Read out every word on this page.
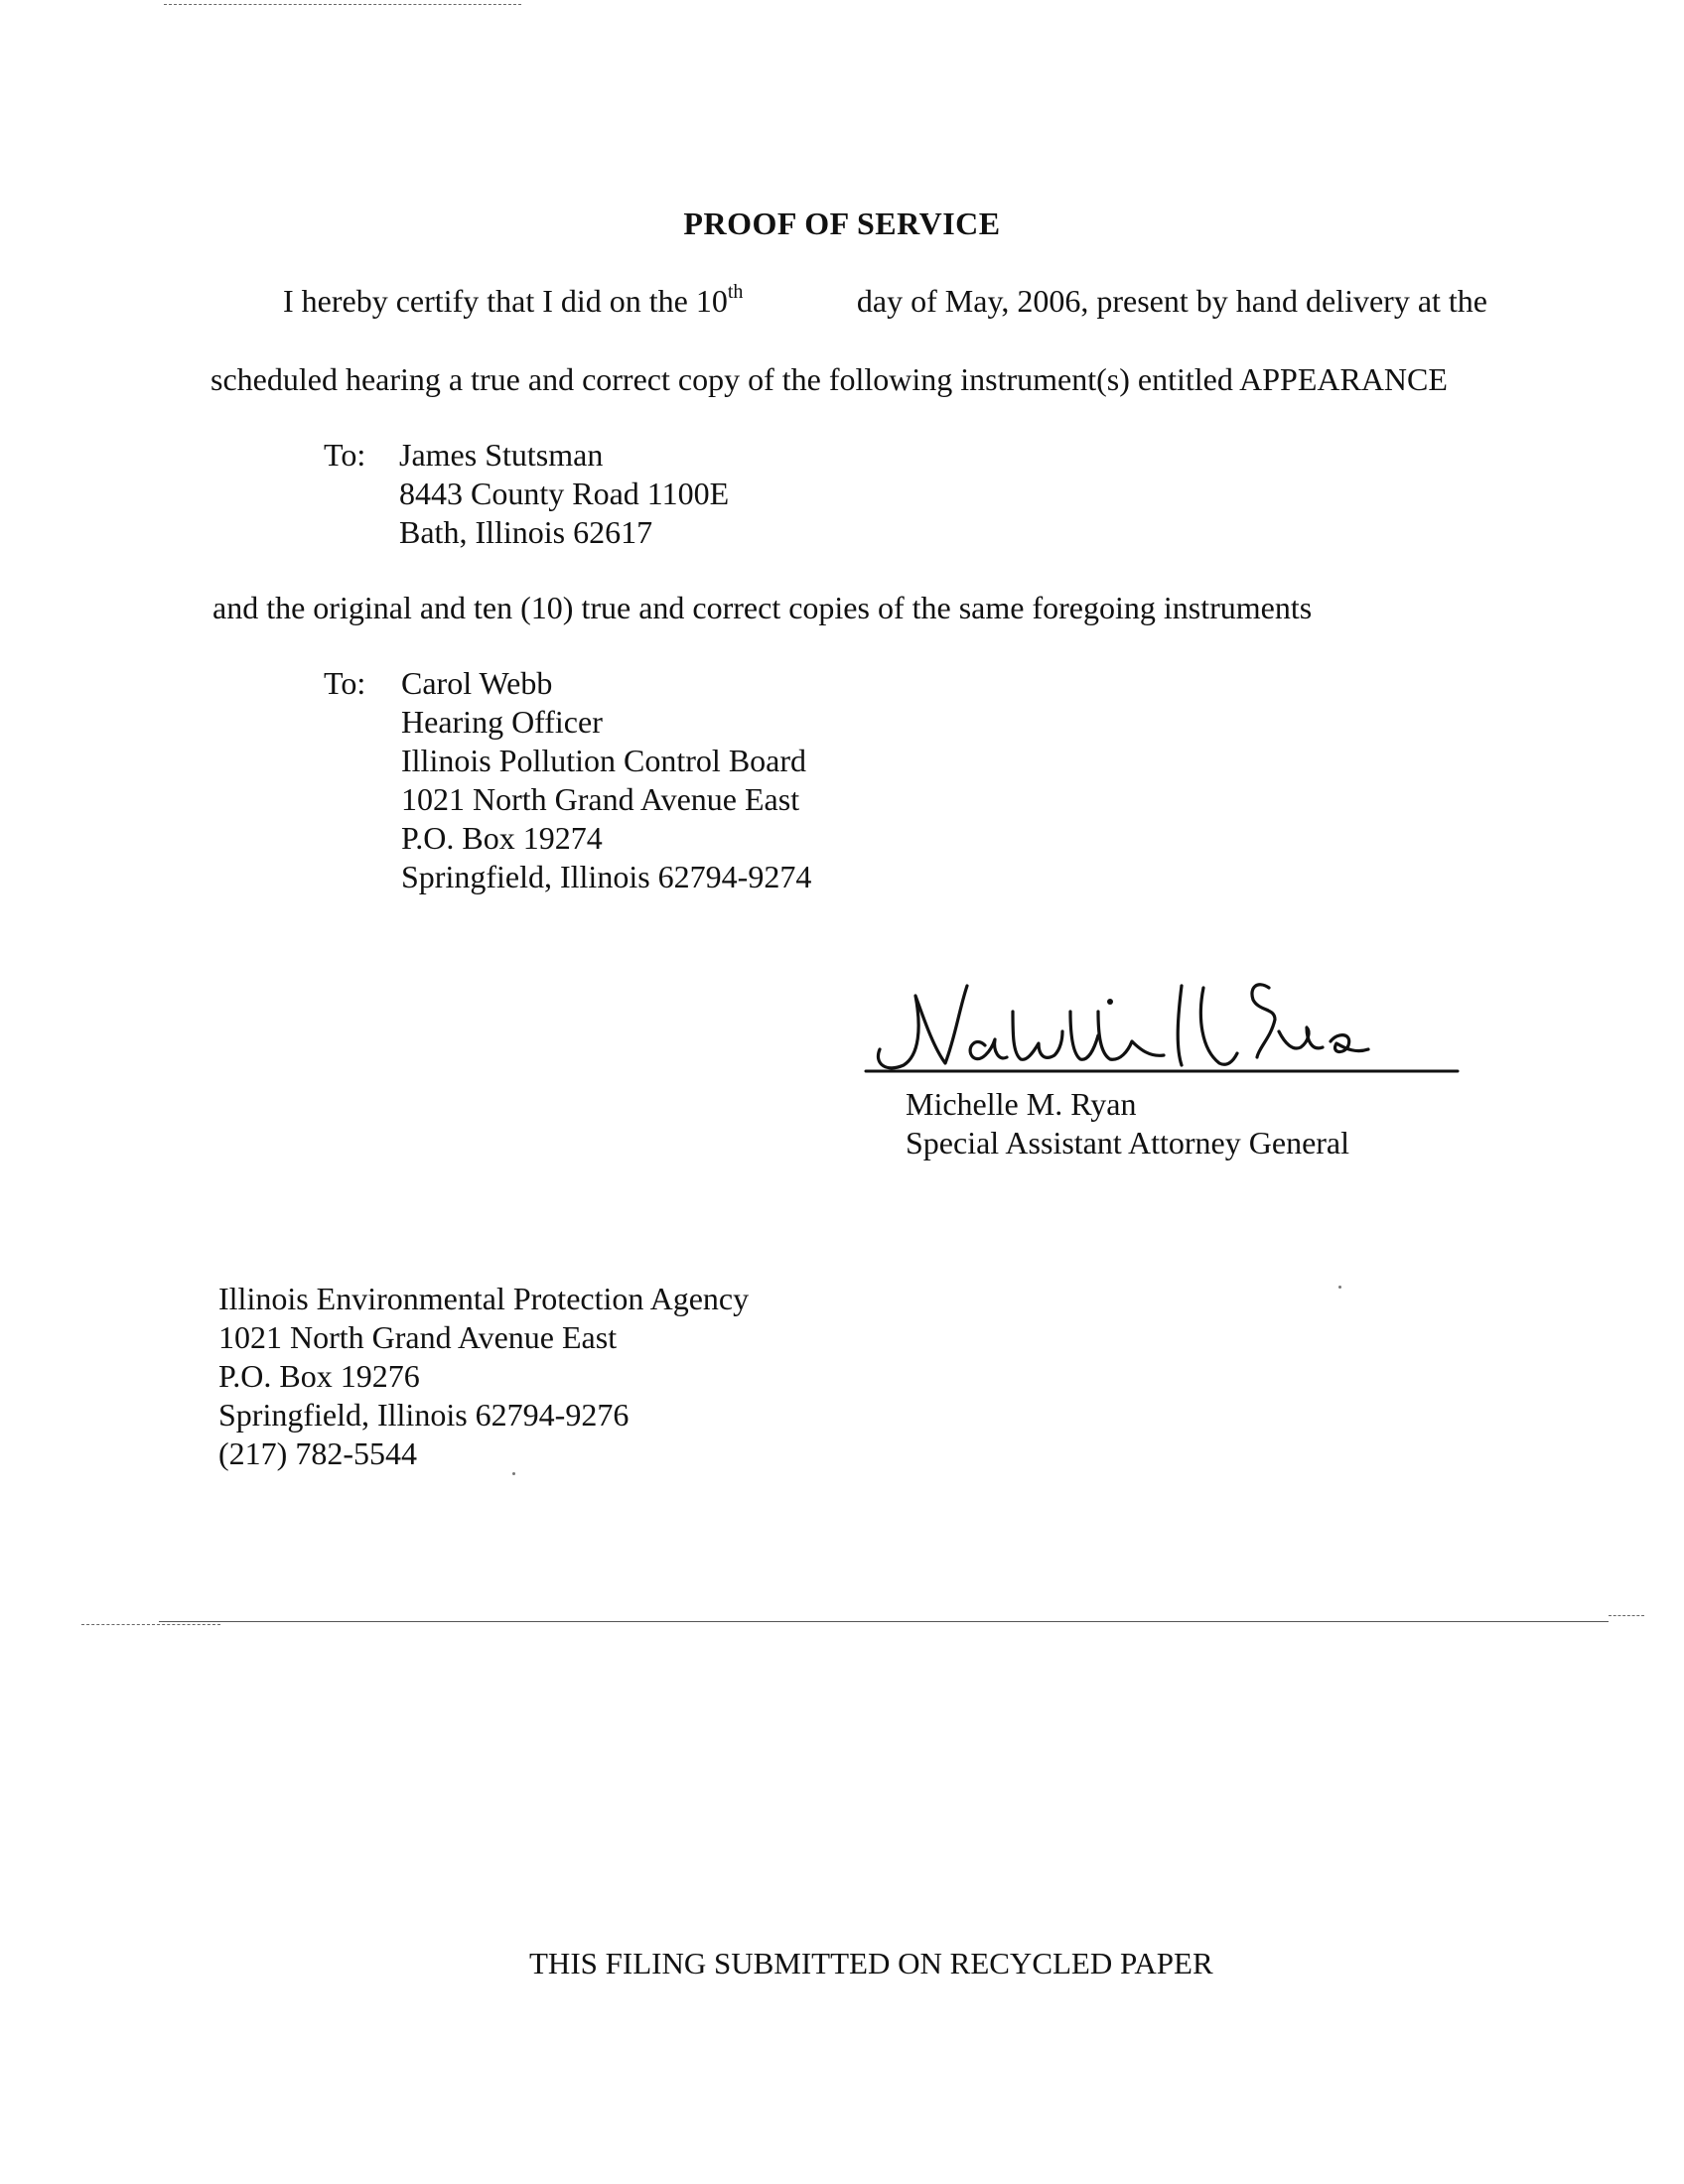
PROOF OF SERVICE
I hereby certify that I did on the 10th	day of May, 2006, present by hand delivery at the
scheduled hearing a true and correct copy of the following instrument(s) entitled APPEARANCE
To: James Stutsman
8443 County Road 1100E
Bath, Illinois 62617
and the original and ten (10) true and correct copies of the same foregoing instruments
To: Carol Webb
Hearing Officer
Illinois Pollution Control Board
1021 North Grand Avenue East
P.O. Box 19274
Springfield, Illinois 62794-9274
Michelle M. Ryan
Special Assistant Attorney General
Illinois Environmental Protection Agency
1021 North Grand Avenue East
P.O. Box 19276
Springfield, Illinois 62794-9276
(217) 782-5544
THIS FILING SUBMITTED ON RECYCLED PAPER
